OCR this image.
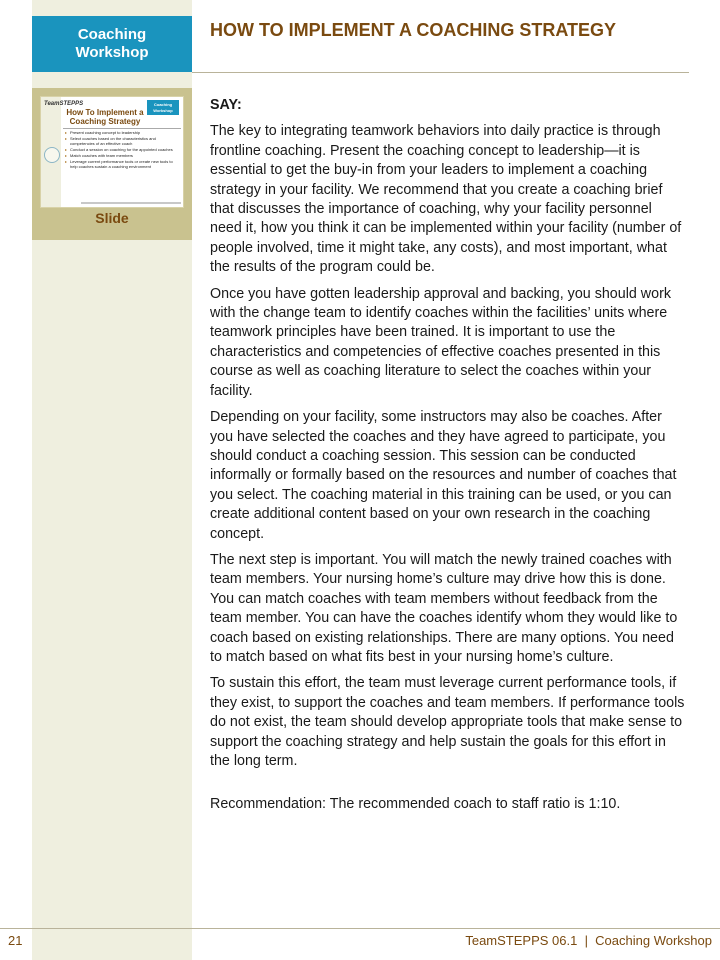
Coaching
Workshop
TeamSTEPPS	Coaching
Workshop
How To Implement a
Coaching Strategy
▸ Present coaching concept to leadership
▸ Select coaches based on the characteristics and competencies of an effective coach
▸ Conduct a session on coaching for the appointed coaches
▸ Match coaches with team members
▸ Leverage current performance tools or create new tools to help coaches sustain a coaching environment
Slide
HOW TO IMPLEMENT A COACHING STRATEGY

SAY:

The key to integrating teamwork behaviors into daily practice is through frontline coaching. Present the coaching concept to leadership—it is essential to get the buy-in from your leaders to implement a coaching strategy in your facility. We recommend that you create a coaching brief that discusses the importance of coaching, why your facility personnel need it, how you think it can be implemented within your facility (number of people involved, time it might take, any costs), and most important, what the results of the program could be.

Once you have gotten leadership approval and backing, you should work with the change team to identify coaches within the facilities’ units where teamwork principles have been trained. It is important to use the characteristics and competencies of effective coaches presented in this course as well as coaching literature to select the coaches within your facility.

Depending on your facility, some instructors may also be coaches. After you have selected the coaches and they have agreed to participate, you should conduct a coaching session. This session can be conducted informally or formally based on the resources and number of coaches that you select. The coaching material in this training can be used, or you can create additional content based on your own research in the coaching concept.

The next step is important. You will match the newly trained coaches with team members. Your nursing home’s culture may drive how this is done. You can match coaches with team members without feedback from the team member. You can have the coaches identify whom they would like to coach based on existing relationships. There are many options. You need to match based on what fits best in your nursing home’s culture.

To sustain this effort, the team must leverage current performance tools, if they exist, to support the coaches and team members. If performance tools do not exist, the team should develop appropriate tools that make sense to support the coaching strategy and help sustain the goals for this effort in the long term.

Recommendation: The recommended coach to staff ratio is 1:10.

21	TeamSTEPPS 06.1  |  Coaching Workshop
